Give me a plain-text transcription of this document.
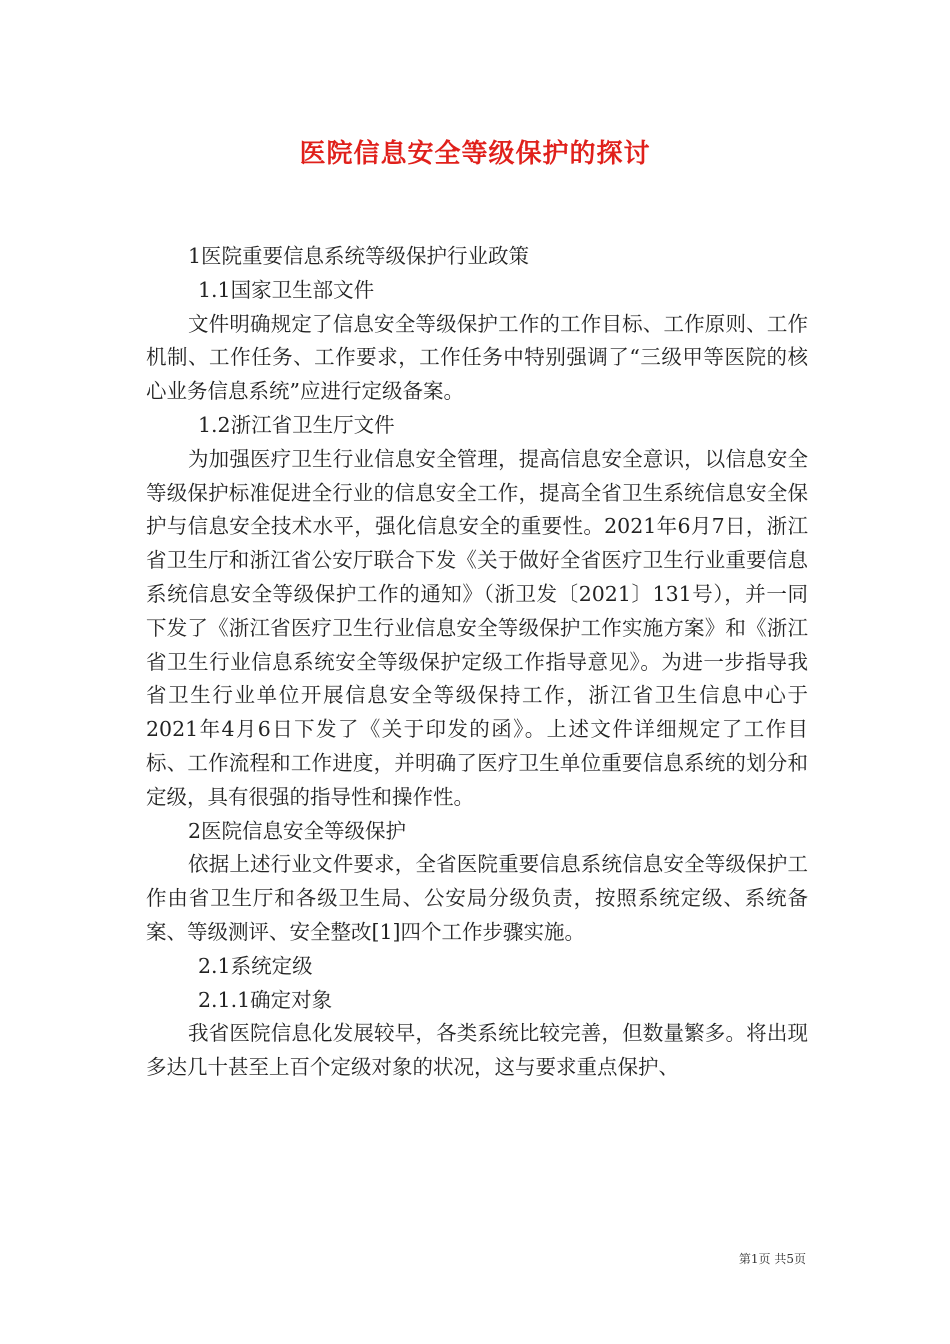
医院信息安全等级保护的探讨

1医院重要信息系统等级保护行业政策

1.1国家卫生部文件

文件明确规定了信息安全等级保护工作的工作目标、工作原则、工作机制、工作任务、工作要求，工作任务中特别强调了“三级甲等医院的核心业务信息系统”应进行定级备案。

1.2浙江省卫生厅文件

为加强医疗卫生行业信息安全管理，提高信息安全意识，以信息安全等级保护标准促进全行业的信息安全工作，提高全省卫生系统信息安全保护与信息安全技术水平，强化信息安全的重要性。2021年6月7日，浙江省卫生厅和浙江省公安厅联合下发《关于做好全省医疗卫生行业重要信息系统信息安全等级保护工作的通知》（浙卫发〔2021〕131号），并一同下发了《浙江省医疗卫生行业信息安全等级保护工作实施方案》和《浙江省卫生行业信息系统安全等级保护定级工作指导意见》。为进一步指导我省卫生行业单位开展信息安全等级保持工作，浙江省卫生信息中心于2021年4月6日下发了《关于印发的函》。上述文件详细规定了工作目标、工作流程和工作进度，并明确了医疗卫生单位重要信息系统的划分和定级，具有很强的指导性和操作性。

2医院信息安全等级保护

依据上述行业文件要求，全省医院重要信息系统信息安全等级保护工作由省卫生厅和各级卫生局、公安局分级负责，按照系统定级、系统备案、等级测评、安全整改[1]四个工作步骤实施。

2.1系统定级

2.1.1确定对象

我省医院信息化发展较早，各类系统比较完善，但数量繁多。将出现多达几十甚至上百个定级对象的状况，这与要求重点保护、

第1页 共5页
